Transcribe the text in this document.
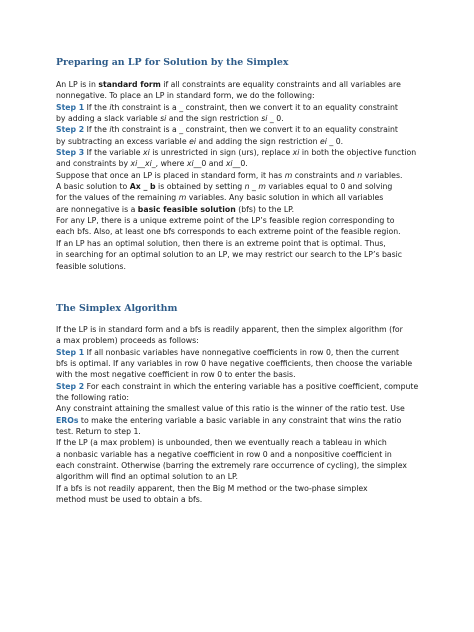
Preparing an LP for Solution by the Simplex
An LP is in standard form if all constraints are equality constraints and all variables are
nonnegative. To place an LP in standard form, we do the following:
Step 1 If the ith constraint is a _ constraint, then we convert it to an equality constraint
by adding a slack variable si and the sign restriction si _ 0.
Step 2 If the ith constraint is a _ constraint, then we convert it to an equality constraint
by subtracting an excess variable ei and adding the sign restriction ei _ 0.
Step 3 If the variable xi is unrestricted in sign (urs), replace xi in both the objective function
and constraints by xi__xi_, where xi__0 and xi__0.
Suppose that once an LP is placed in standard form, it has m constraints and n variables.
A basic solution to Ax _ b is obtained by setting n _ m variables equal to 0 and solving
for the values of the remaining m variables. Any basic solution in which all variables
are nonnegative is a basic feasible solution (bfs) to the LP.
For any LP, there is a unique extreme point of the LP’s feasible region corresponding to
each bfs. Also, at least one bfs corresponds to each extreme point of the feasible region.
If an LP has an optimal solution, then there is an extreme point that is optimal. Thus,
in searching for an optimal solution to an LP, we may restrict our search to the LP’s basic
feasible solutions.
The Simplex Algorithm
If the LP is in standard form and a bfs is readily apparent, then the simplex algorithm (for
a max problem) proceeds as follows:
Step 1 If all nonbasic variables have nonnegative coefficients in row 0, then the current
bfs is optimal. If any variables in row 0 have negative coefficients, then choose the variable
with the most negative coefficient in row 0 to enter the basis.
Step 2 For each constraint in which the entering variable has a positive coefficient, compute
the following ratio:
Any constraint attaining the smallest value of this ratio is the winner of the ratio test. Use
EROs to make the entering variable a basic variable in any constraint that wins the ratio
test. Return to step 1.
If the LP (a max problem) is unbounded, then we eventually reach a tableau in which
a nonbasic variable has a negative coefficient in row 0 and a nonpositive coefficient in
each constraint. Otherwise (barring the extremely rare occurrence of cycling), the simplex
algorithm will find an optimal solution to an LP.
If a bfs is not readily apparent, then the Big M method or the two-phase simplex
method must be used to obtain a bfs.
